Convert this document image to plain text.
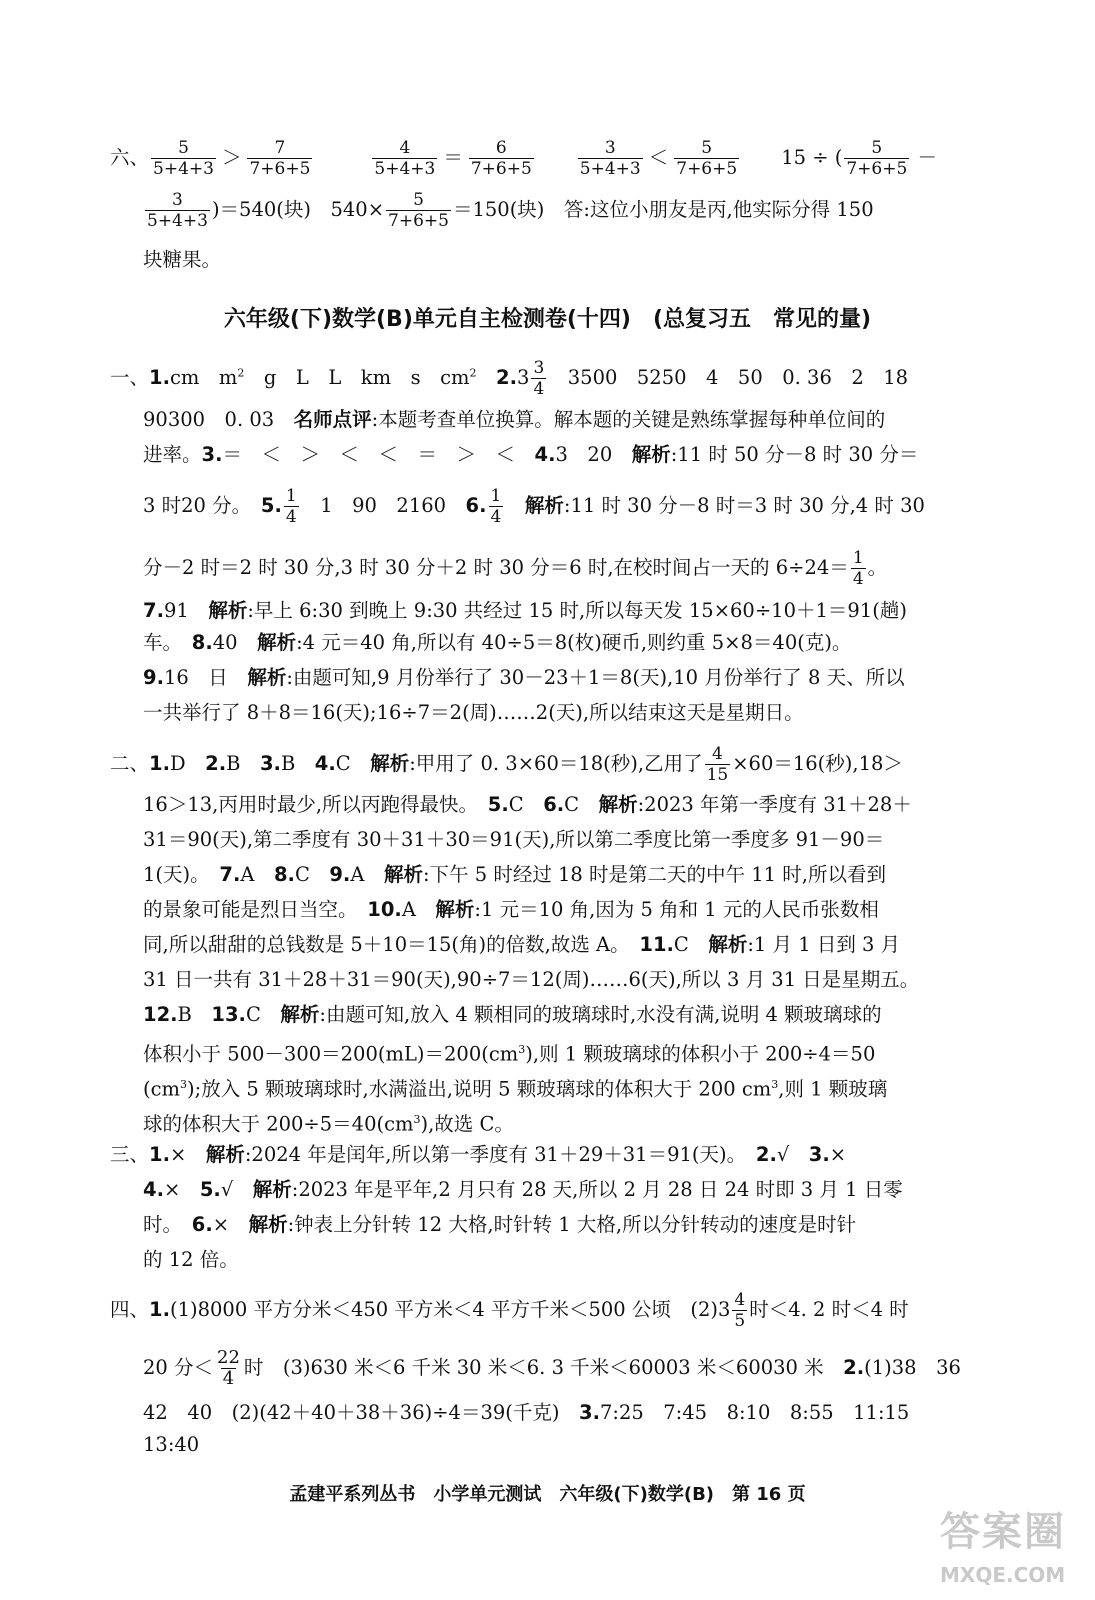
六、 $\frac{5}{5+4+3} > \frac{7}{7+6+5}$	$\frac{4}{5+4+3} = \frac{6}{7+6+5}$	$\frac{3}{5+4+3} < \frac{5}{7+6+5} 15$ ÷ ( $\frac{5}{7+6+5}$ －
$\frac{3}{5+4+3} )=540$(块)　$540\times \frac{5}{7+6+5} =150$(块)　答:这位小朋友是丙,他实际分得 150
块糖果。
六年级(下)数学(B)单元自主检测卷(十四)　(总复习五　常见的量)
一、1.cm　$m^2$　g　L　L　km　s　$cm^2$　 $2.3 \frac{3}{4}$ 　3500　5250　4　50　0. 36　2　18
90300　0. 03　名师点评:本题考查单位换算。解本题的关键是熟练掌握每种单位间的
进率。3.＝　＜　＞　＜　＜　＝　＞　＜　4.3　20　解析:11 时 50 分－8 时 30 分＝
3 时20 分。　5. $\frac{1}{4}$ 　1　90　2160　6. $\frac{1}{4}$
　 解析:11 时 30 分－8 时＝3 时 30 分,4 时 30
分－2 时＝2 时 30 分,3 时 30 分＋2 时 30 分＝6 时,在校时间占一天的 $6\div 24= \frac{1}{4}$ 。
7.91　解析:早上 6:30 到晚上 9:30 共经过 15 时,所以每天发 15×60÷10＋1＝91(趟)
车。　8.40　解析:4 元＝40 角,所以有 40÷5＝8(枚)硬币,则约重 5×8＝40(克)。
9.16　日　解析:由题可知,9 月份举行了 30－23＋1＝8(天),10 月份举行了 8 天、所以
一共举行了 8＋8＝16(天);16÷7＝2(周)……2(天),所以结束这天是星期日。
二、1.D　2.B　3.B　4.C　解析:甲用了 0. 3×60＝18(秒),乙用了 $\frac{4}{15} \times 60=16$(秒),18＞
16＞13,丙用时最少,所以丙跑得最快。　5.C　6.C　解析:2023 年第一季度有 31＋28＋
31＝90(天),第二季度有 30＋31＋30＝91(天),所以第二季度比第一季度多 91－90＝
1(天)。　7.A　8.C　9.A　解析:下午 5 时经过 18 时是第二天的中午 11 时,所以看到
的景象可能是烈日当空。　10.A　解析:1 元＝10 角,因为 5 角和 1 元的人民币张数相
同,所以甜甜的总钱数是 5＋10＝15(角)的倍数,故选 A。　11.C　解析:1 月 1 日到 3 月
31 日一共有 31＋28＋31＝90(天),90÷7＝12(周)……6(天),所以 3 月 31 日是星期五。
12.B　13.C　解析:由题可知,放入 4 颗相同的玻璃球时,水没有满,说明 4 颗玻璃球的
体积小于 $500-300=200(mL)=200(cm^3)$,则 1 颗玻璃球的体积小于 200÷4＝50
$(cm^3)$;放入 5 颗玻璃球时,水满溢出,说明 5 颗玻璃球的体积大于 200 $cm^3$,则 1 颗玻璃
球的体积大于 $200\div 5=40(cm^3)$,故选 C。
三、1.×　解析:2024 年是闰年,所以第一季度有 31＋29＋31＝91(天)。　2.√　3.×
4.×　5.√　解析:2023 年是平年,2 月只有 28 天,所以 2 月 28 日 24 时即 3 月 1 日零
时。　6.×　解析:钟表上分针转 12 大格,时针转 1 大格,所以分针转动的速度是时针
的 12 倍。
四、1.(1)8000 平方分米＜450 平方米＜4 平方千米＜500 公顷　$(2)3 \frac{4}{5}$ 时＜4. 2 时＜4 时
20 分＜ $\frac{22}{4}$ 时　(3)630 米＜6 千米 30 米＜6. 3 千米＜60003 米＜60030 米　2.(1)38　36
42　40　(2)(42＋40＋38＋36)÷4＝39(千克)　3.7:25　7:45　8:10　8:55　11:15
13:40
孟建平系列丛书　小学单元测试　六年级(下)数学(B)　第 16 页
答案圈
MXQE.COM
